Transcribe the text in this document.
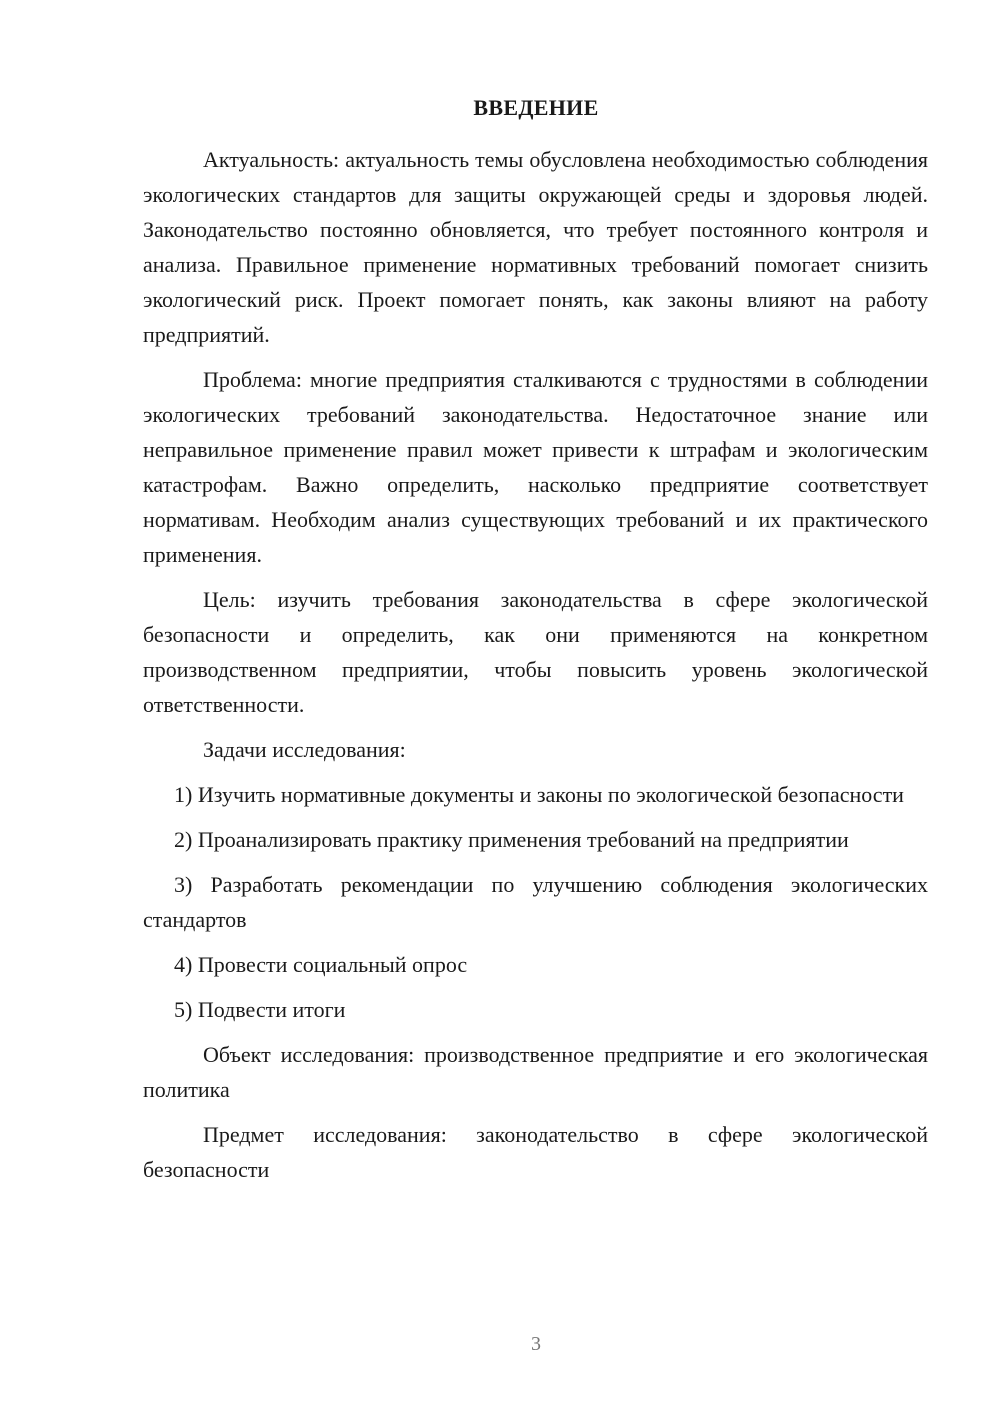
ВВЕДЕНИЕ

Актуальность: актуальность темы обусловлена необходимостью соблюдения экологических стандартов для защиты окружающей среды и здоровья людей. Законодательство постоянно обновляется, что требует постоянного контроля и анализа. Правильное применение нормативных требований помогает снизить экологический риск. Проект помогает понять, как законы влияют на работу предприятий.

Проблема: многие предприятия сталкиваются с трудностями в соблюдении экологических требований законодательства. Недостаточное знание или неправильное применение правил может привести к штрафам и экологическим катастрофам. Важно определить, насколько предприятие соответствует нормативам. Необходим анализ существующих требований и их практического применения.

Цель: изучить требования законодательства в сфере экологической безопасности и определить, как они применяются на конкретном производственном предприятии, чтобы повысить уровень экологической ответственности.

Задачи исследования:

1) Изучить нормативные документы и законы по экологической безопасности

2) Проанализировать практику применения требований на предприятии

3) Разработать рекомендации по улучшению соблюдения экологических стандартов

4) Провести социальный опрос

5) Подвести итоги

Объект исследования: производственное предприятие и его экологическая политика

Предмет исследования: законодательство в сфере экологической безопасности

3
